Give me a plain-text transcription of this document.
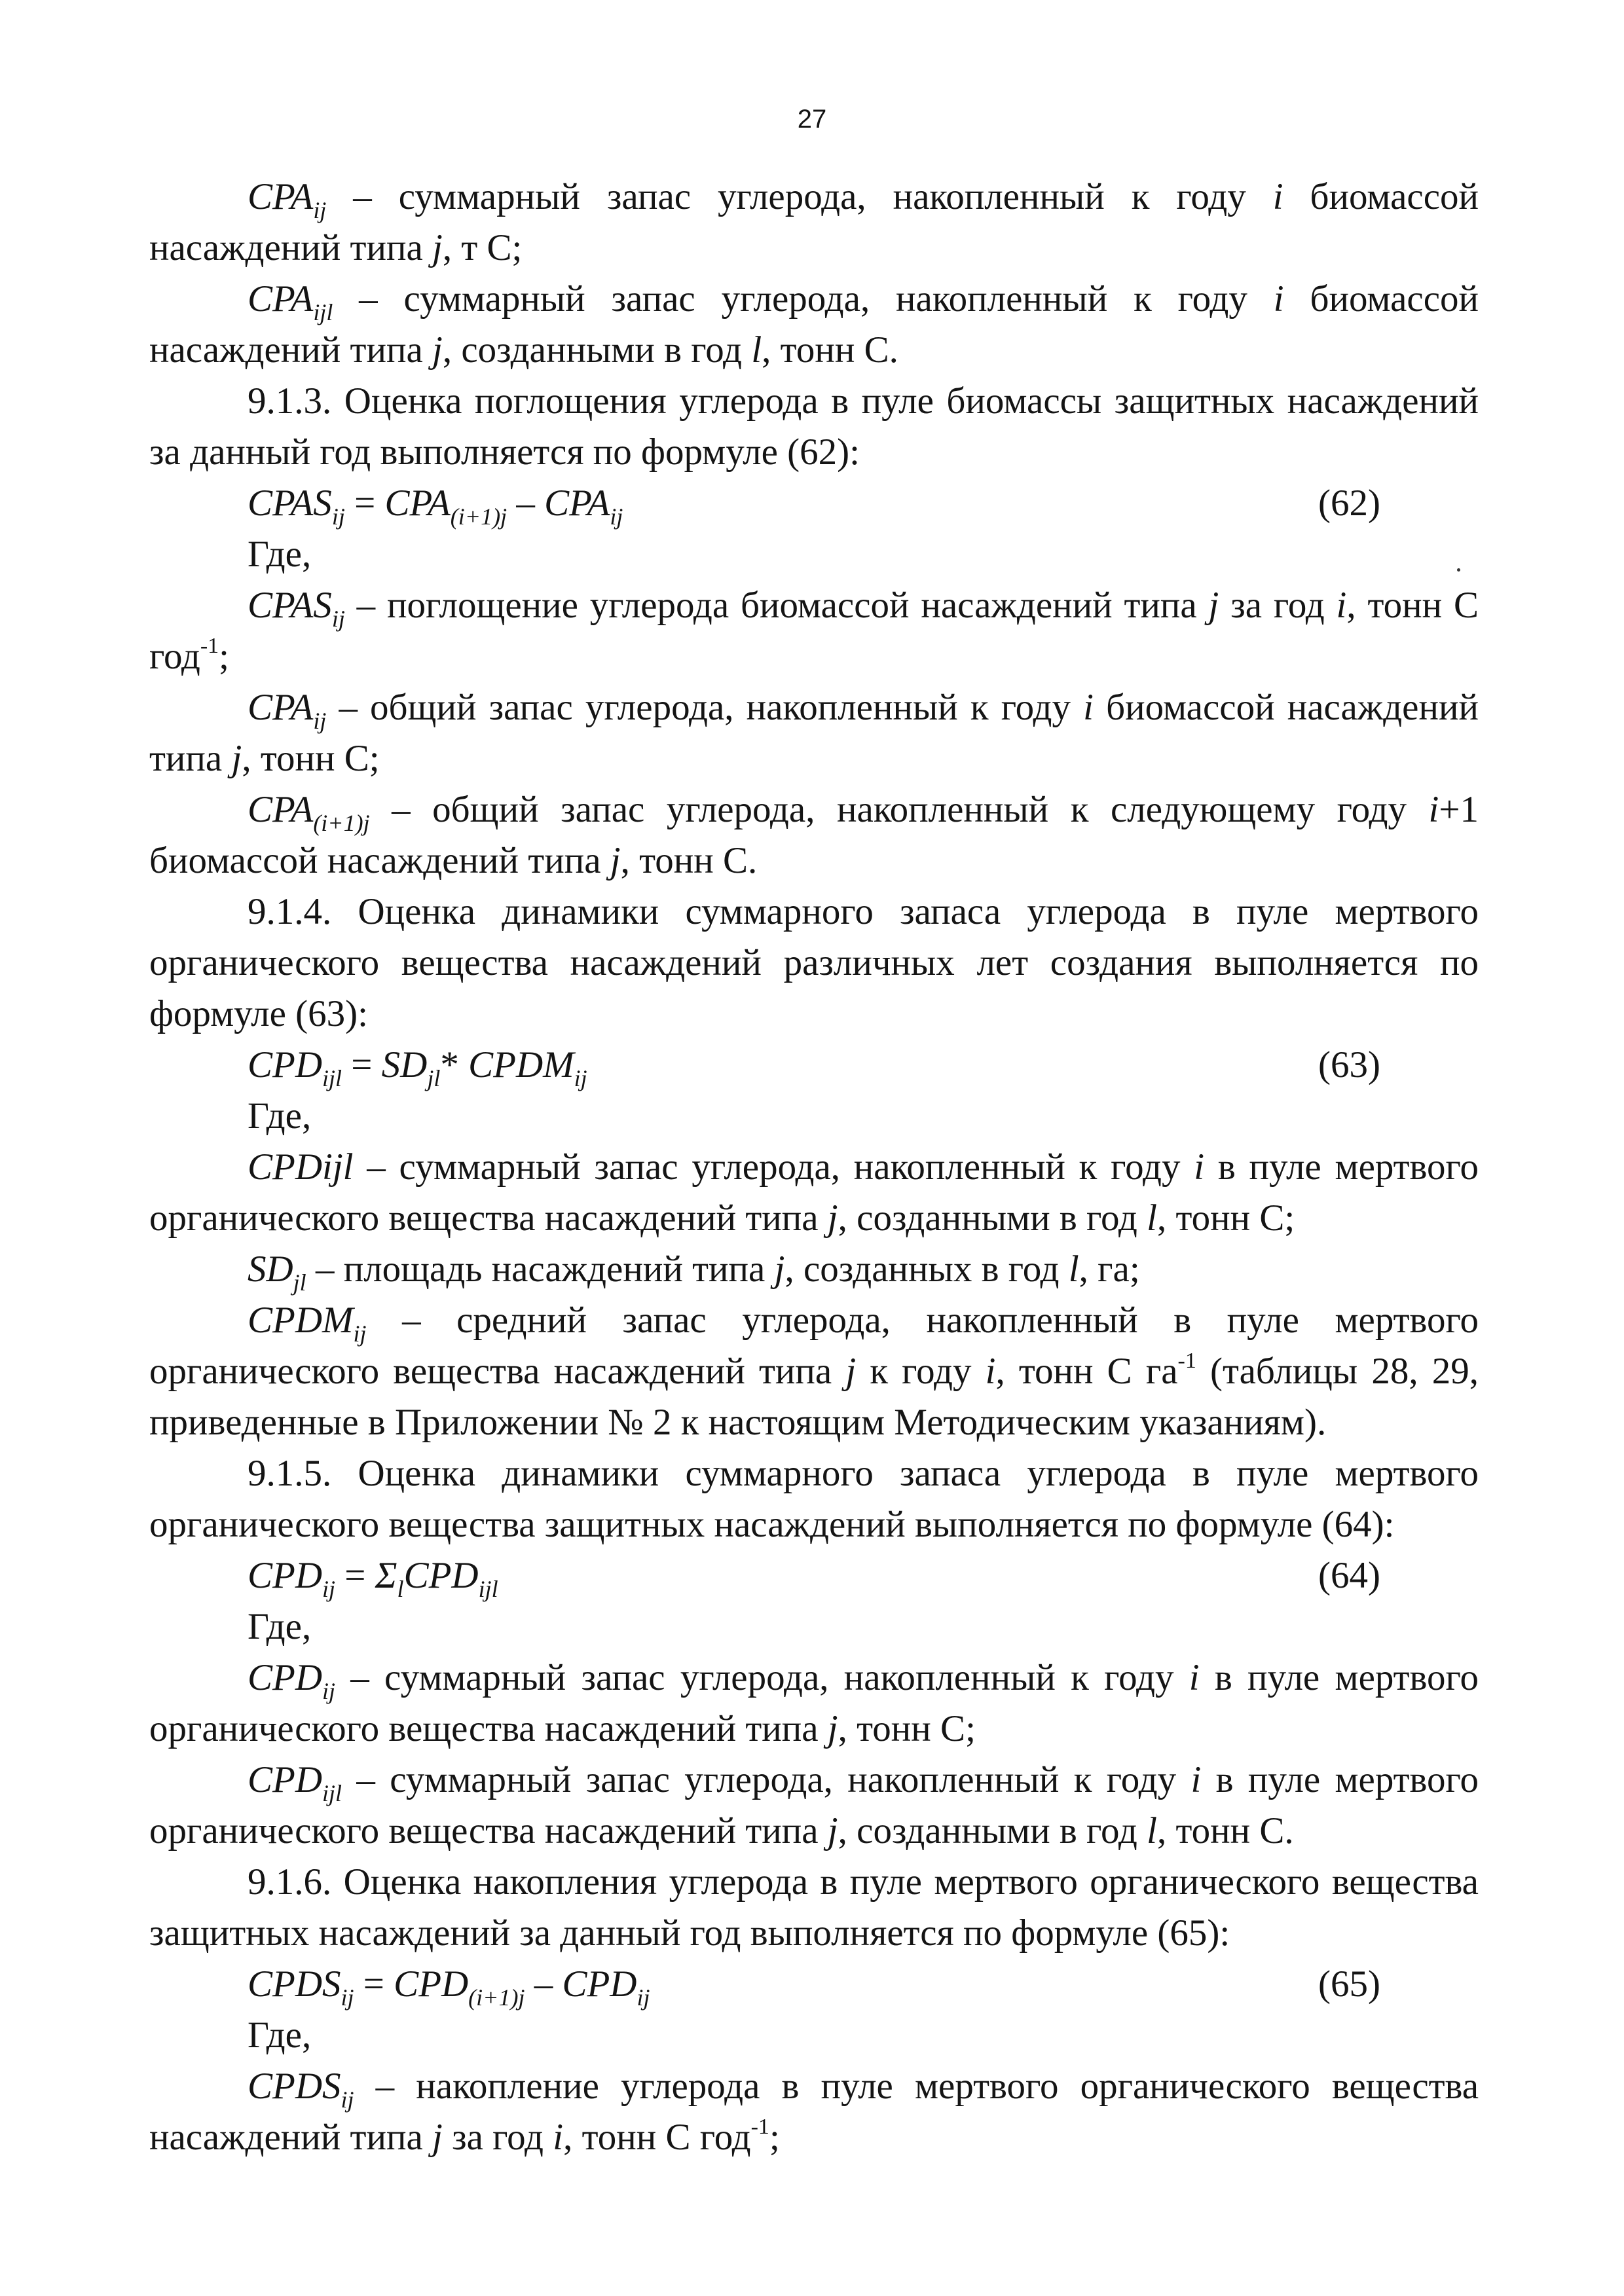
27

$CPA_{ij}$ – суммарный запас углерода, накопленный к году i биомассой насаждений типа j, т С;

$CPA_{ijl}$ – суммарный запас углерода, накопленный к году i биомассой насаждений типа j, созданными в год l, тонн С.

9.1.3. Оценка поглощения углерода в пуле биомассы защитных насаждений за данный год выполняется по формуле (62):

$CPAS_{ij} = CPA_{(i+1)j} - CPA_{ij}$	(62)

Где,

$CPAS_{ij}$ – поглощение углерода биомассой насаждений типа j за год i, тонн С год$^{-1}$;

$CPA_{ij}$ – общий запас углерода, накопленный к году i биомассой насаждений типа j, тонн С;

$CPA_{(i+1)j}$ – общий запас углерода, накопленный к следующему году i+1 биомассой насаждений типа j, тонн С.

9.1.4. Оценка динамики суммарного запаса углерода в пуле мертвого органического вещества насаждений различных лет создания выполняется по формуле (63):

$CPD_{ijl} = SD_{jl}*$ $CPDM_{ij}$	(63)

Где,

CPDijl – суммарный запас углерода, накопленный к году i в пуле мертвого органического вещества насаждений типа j, созданными в год l, тонн С;

$SD_{jl}$ – площадь насаждений типа j, созданных в год l, га;

$CPDM_{ij}$ – средний запас углерода, накопленный в пуле мертвого органического вещества насаждений типа j к году i, тонн С $га^{-1}$ (таблицы 28, 29, приведенные в Приложении № 2 к настоящим Методическим указаниям).

9.1.5. Оценка динамики суммарного запаса углерода в пуле мертвого органического вещества защитных насаждений выполняется по формуле (64):

$CPD_{ij} = \Sigma_lCPD_{ijl}$	(64)

Где,

$CPD_{ij}$ – суммарный запас углерода, накопленный к году i в пуле мертвого органического вещества насаждений типа j, тонн С;

$CPD_{ijl}$ – суммарный запас углерода, накопленный к году i в пуле мертвого органического вещества насаждений типа j, созданными в год l, тонн С.

9.1.6. Оценка накопления углерода в пуле мертвого органического вещества защитных насаждений за данный год выполняется по формуле (65):

$CPDS_{ij} = CPD_{(i+1)j} - CPD_{ij}$	(65)

Где,

$CPDS_{ij}$ – накопление углерода в пуле мертвого органического вещества насаждений типа j за год i, тонн С год$^{-1}$;
